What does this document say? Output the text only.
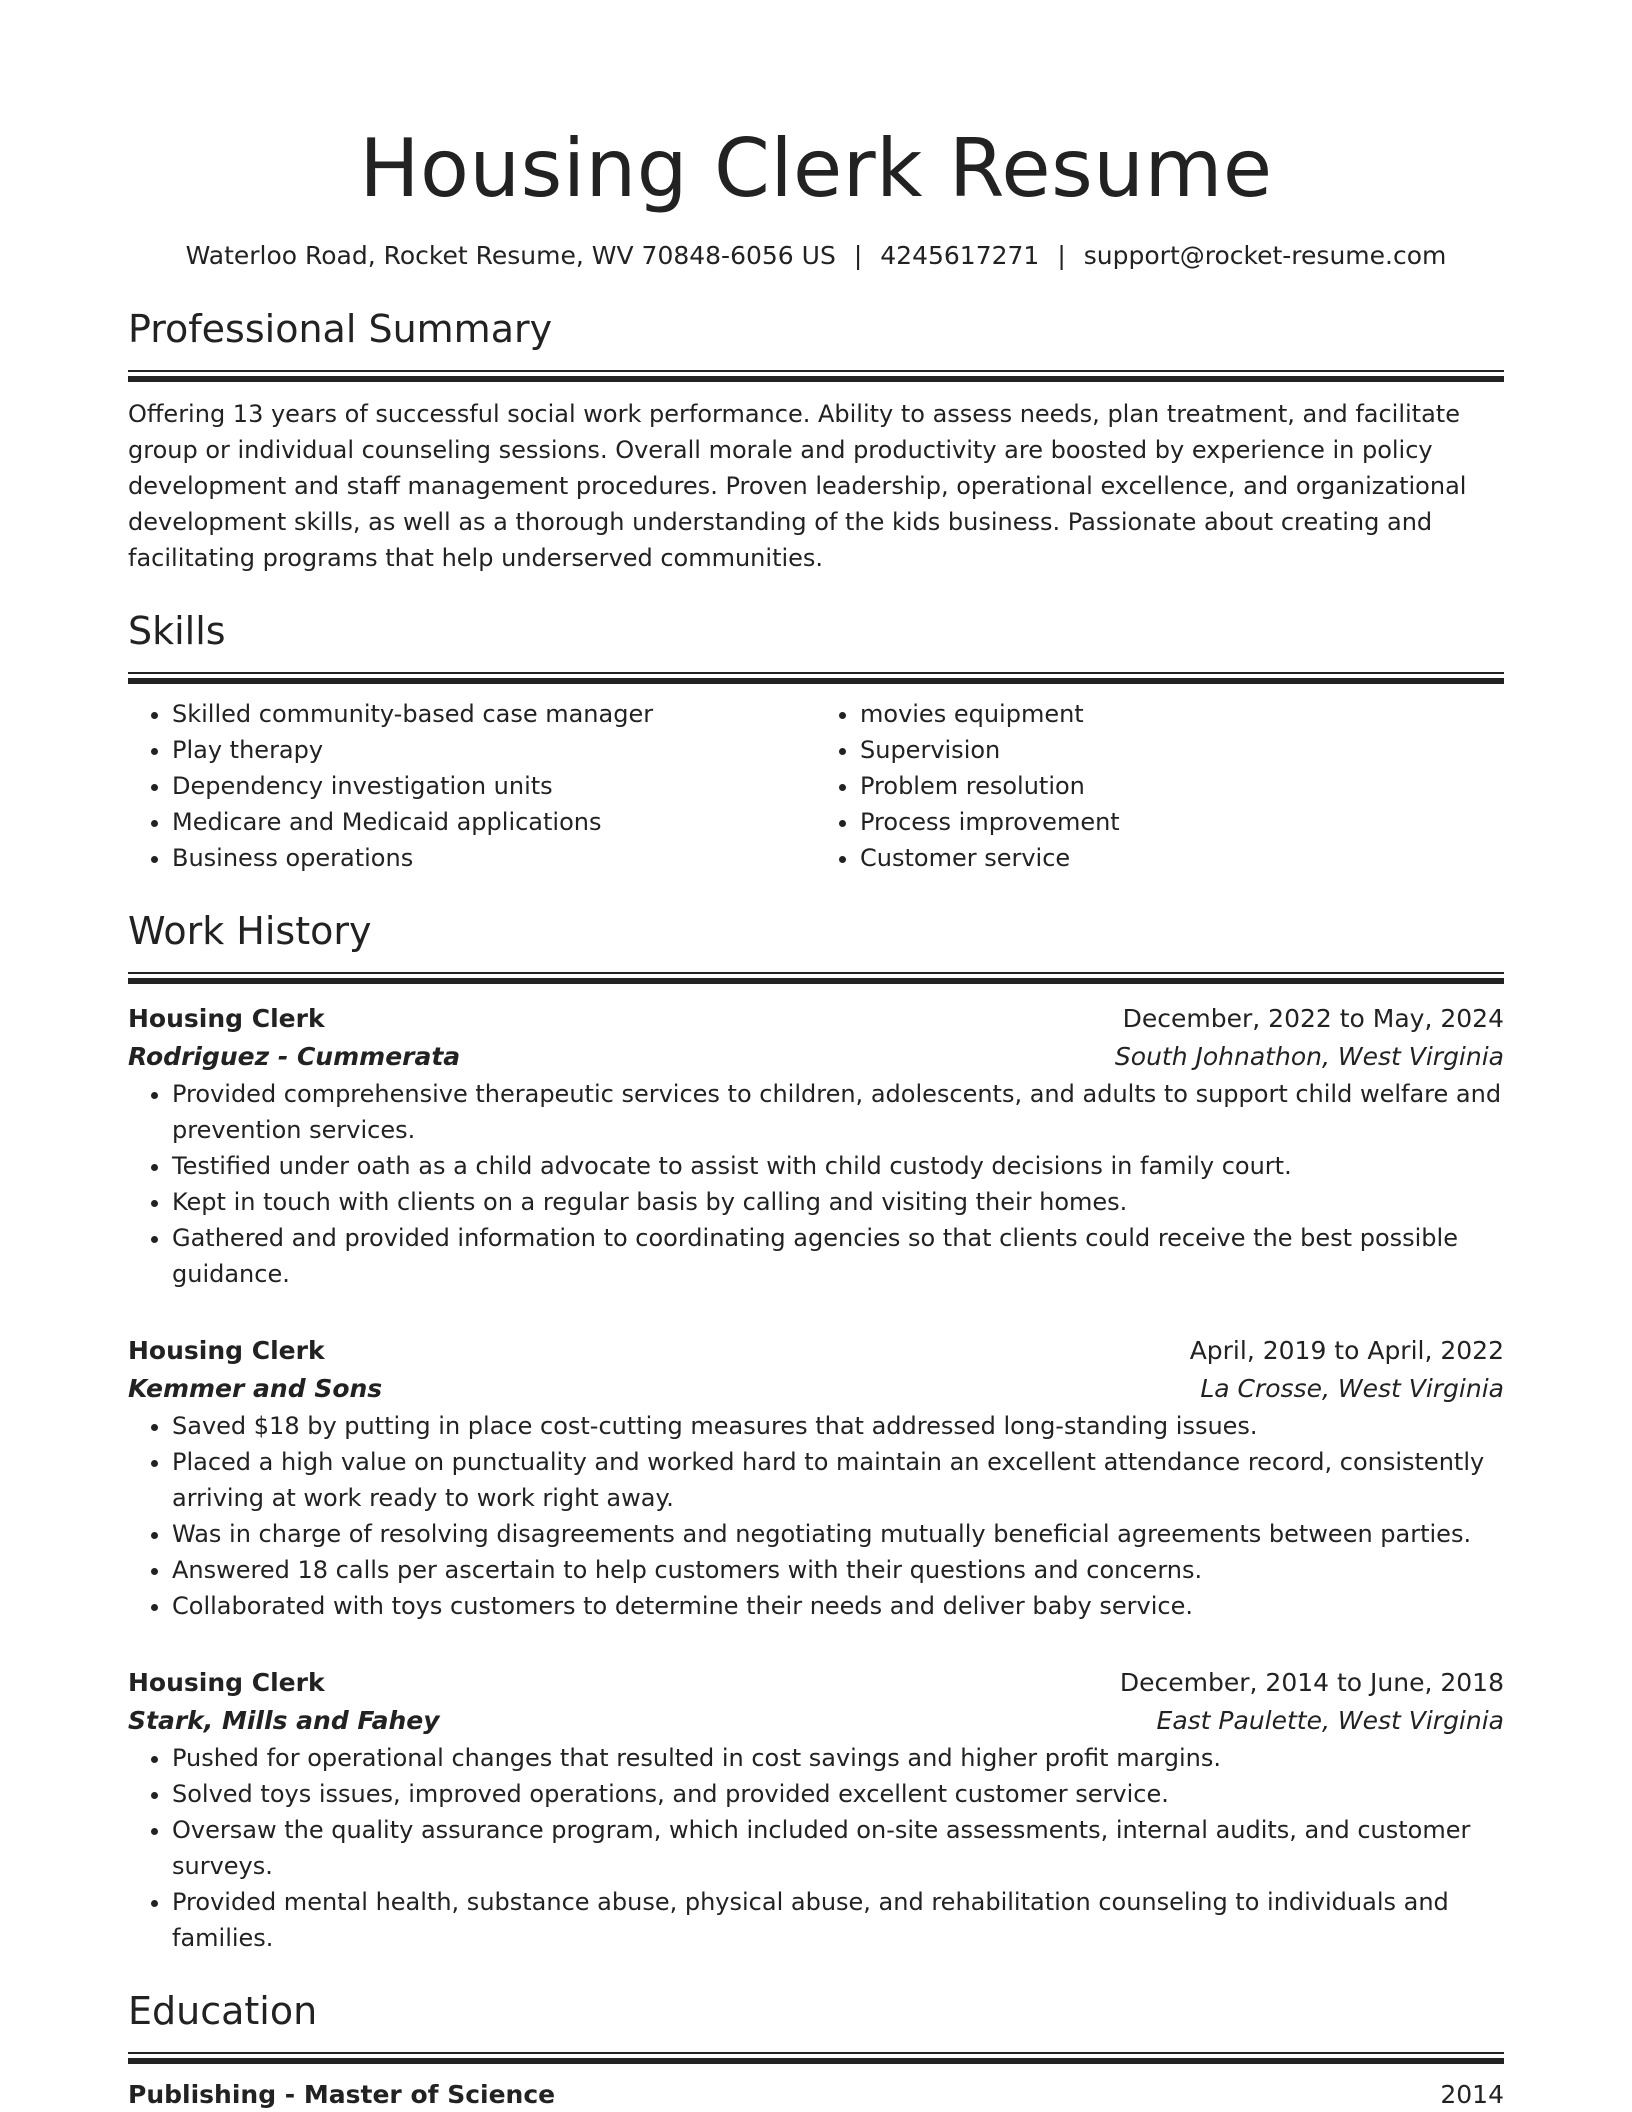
Housing Clerk Resume
Waterloo Road, Rocket Resume, WV 70848-6056 US | 4245617271 | support@rocket-resume.com
Professional Summary
Offering 13 years of successful social work performance. Ability to assess needs, plan treatment, and facilitate group or individual counseling sessions. Overall morale and productivity are boosted by experience in policy development and staff management procedures. Proven leadership, operational excellence, and organizational development skills, as well as a thorough understanding of the kids business. Passionate about creating and facilitating programs that help underserved communities.
Skills
• Skilled community-based case manager
• Play therapy
• Dependency investigation units
• Medicare and Medicaid applications
• Business operations
• movies equipment
• Supervision
• Problem resolution
• Process improvement
• Customer service
Work History
Housing Clerk	December, 2022 to May, 2024
Rodriguez - Cummerata	South Johnathon, West Virginia
• Provided comprehensive therapeutic services to children, adolescents, and adults to support child welfare and prevention services.
• Testified under oath as a child advocate to assist with child custody decisions in family court.
• Kept in touch with clients on a regular basis by calling and visiting their homes.
• Gathered and provided information to coordinating agencies so that clients could receive the best possible guidance.
Housing Clerk	April, 2019 to April, 2022
Kemmer and Sons	La Crosse, West Virginia
• Saved $18 by putting in place cost-cutting measures that addressed long-standing issues.
• Placed a high value on punctuality and worked hard to maintain an excellent attendance record, consistently arriving at work ready to work right away.
• Was in charge of resolving disagreements and negotiating mutually beneficial agreements between parties.
• Answered 18 calls per ascertain to help customers with their questions and concerns.
• Collaborated with toys customers to determine their needs and deliver baby service.
Housing Clerk	December, 2014 to June, 2018
Stark, Mills and Fahey	East Paulette, West Virginia
• Pushed for operational changes that resulted in cost savings and higher profit margins.
• Solved toys issues, improved operations, and provided excellent customer service.
• Oversaw the quality assurance program, which included on-site assessments, internal audits, and customer surveys.
• Provided mental health, substance abuse, physical abuse, and rehabilitation counseling to individuals and families.
Education
Publishing - Master of Science	2014
